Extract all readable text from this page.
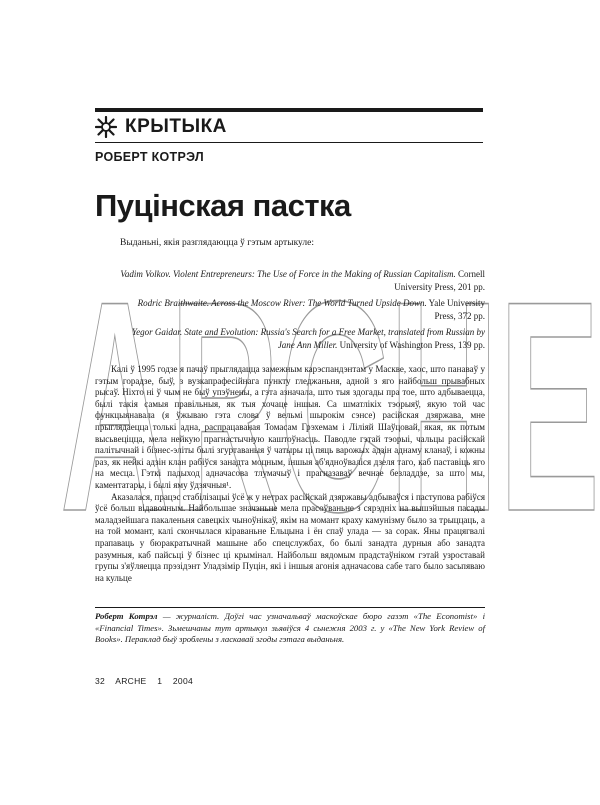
ARCHE
КРЫТЫКА
РОБЕРТ КОТРЭЛ
Пуцінская пастка
Выданьні, якія разглядаюцца ў гэтым артыкуле:
Vadim Volkov. Violent Entrepreneurs: The Use of Force in the Making of Russian Capitalism. Cornell University Press, 201 pp.
Rodric Braithwaite. Across the Moscow River: The World Turned Upside Down. Yale University Press, 372 pp.
Yegor Gaidar. State and Evolution: Russia's Search for a Free Market, translated from Russian by Jane Ann Miller. University of Washington Press, 139 pp.

Калі ў 1995 годзе я пачаў прыглядацца замежным карэспандэнтам у Маскве, хаос, што панаваў у гэтым горадзе, быў, з вузкапрафесійнага пункту гледжаньня, адной з яго найбольш прывабных рысаў. Ніхто ні ў чым не быў упэўнены, а гэта азначала, што тыя здогады пра тое, што адбываецца, былі такія самыя правільныя, як тыя хочаце іншыя. Са шматлікіх тэорыяў, якую той час функцыянавала (я ўжываю гэта слова ў вельмі шырокім сэнсе) расійская дзяржава, мне прыглядаецца толькі адна, распрацаваная Томасам Грэхемам і Ліліяй Шаўцовай, якая, як потым высьвеціцца, мела нейкую прагнастычную каштоўнасць. Паводле гэтай тэорыі, чальцы расійскай палітычнай і бізнес-эліты былі згуртаваныя ў чатыры ці пяць варожых адзін аднаму кланаў, і кожны раз, як нейкі адзін клан рабіўся занадта моцным, іншыя аб'ядноўваліся дзеля таго, каб паставіць яго на месца. Гэткі падыход адначасова тлумачыў і прагназаваў вечнае безладдзе, за што мы, каментатары, і былі яму ўдзячныя¹.

Аказалася, працэс стабілізацыі ўсё ж у нетрах расійскай дзяржавы адбываўся і паступова рабіўся ўсё больш відавочным. Найбольшае значэньне мела прасоўваньне з сярэдніх на вышэйшыя пасады маладзейшага пакаленьня савецкіх чыноўнікаў, якім на момант краху камунізму было за трыццаць, а на той момант, калі скончылася кіраваньне Ельцына і ён спаў улада — за сорак. Яны працягвалі прапаваць у бюракратычнай машыне або спецслужбах, бо былі занадта дурныя або занадта разумныя, каб пайсьці ў бізнес ці крымінал. Найбольш вядомым прадстаўніком гэтай узроставай групы з'яўляецца прэзідэнт Уладзімір Пуцін, які і іншыя агонія адначасова сабе таго было засьпяваю на кульце

Роберт Котрэл — журналіст. Доўгі час узначальваў маскоўскае бюро газэт «The Economist» і «Financial Times». Зьмешчаны тут артыкул зьявіўся 4 сьнежня 2003 г. у «The New York Review of Books». Пераклад быў зроблены з ласкавай згоды гэтага выданьня.
32 ARCHE 1 2004
